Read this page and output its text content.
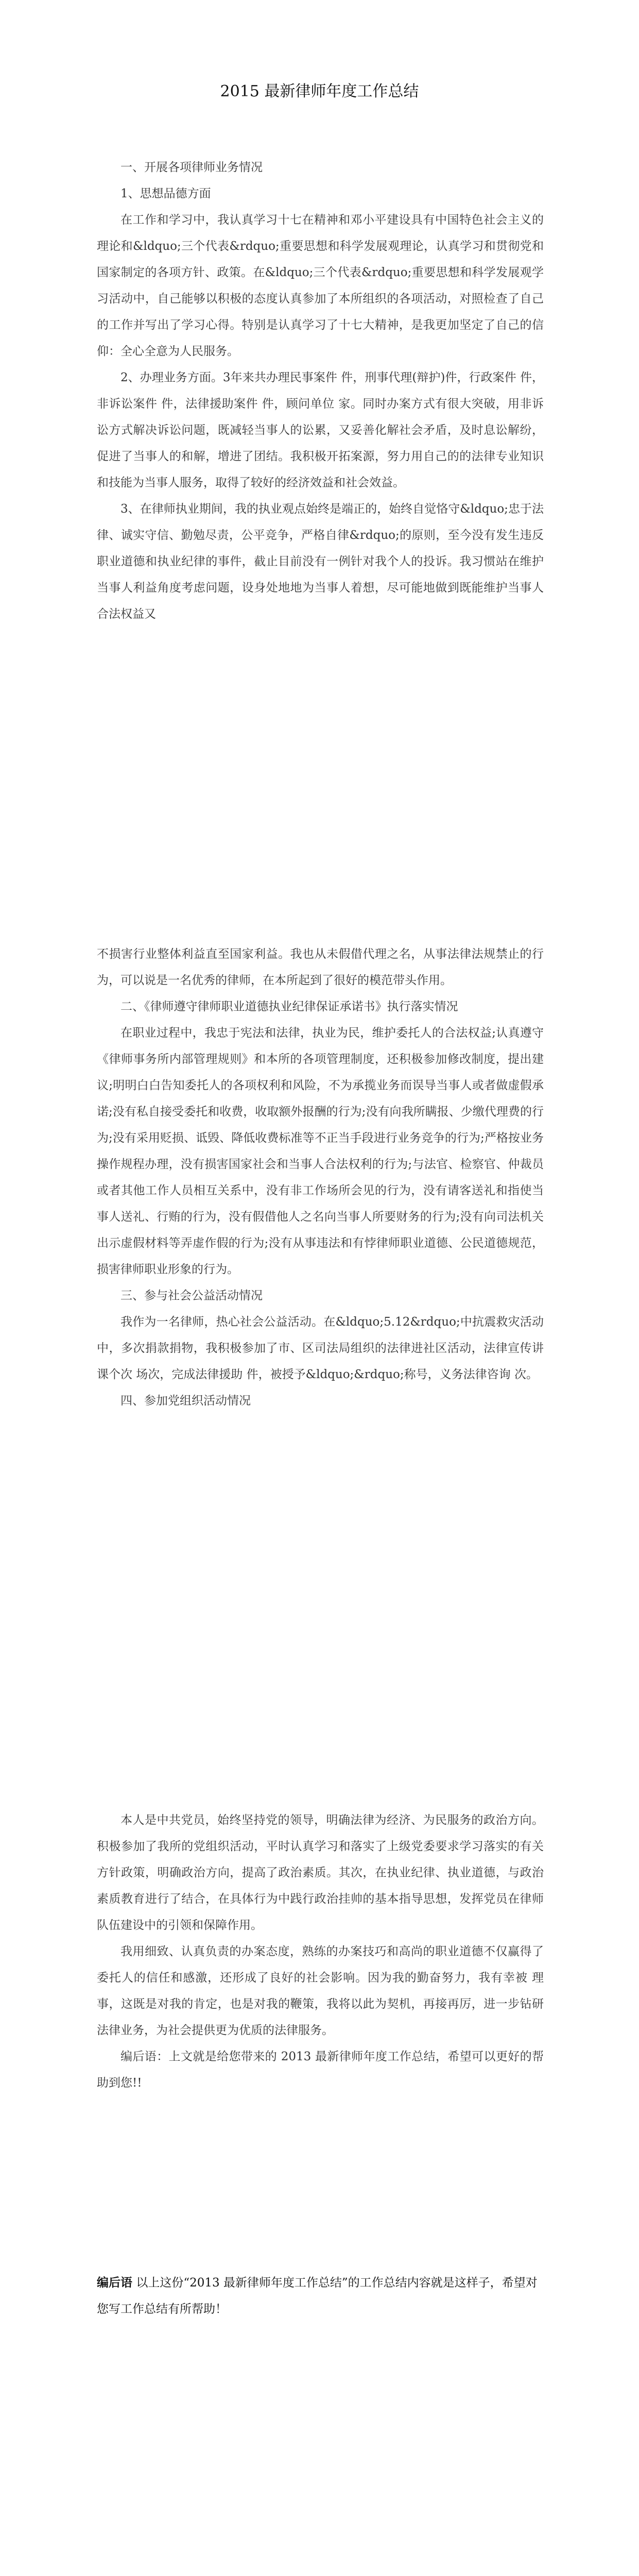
2015 最新律师年度工作总结

一、开展各项律师业务情况

1、思想品德方面

在工作和学习中，我认真学习十七在精神和邓小平建设具有中国特色社会主义的理论和&ldquo;三个代表&rdquo;重要思想和科学发展观理论，认真学习和贯彻党和国家制定的各项方针、政策。在&ldquo;三个代表&rdquo;重要思想和科学发展观学习活动中，自己能够以积极的态度认真参加了本所组织的各项活动，对照检查了自己的工作并写出了学习心得。特别是认真学习了十七大精神，是我更加坚定了自己的信仰：全心全意为人民服务。

2、办理业务方面。3年来共办理民事案件 件，刑事代理(辩护)件，行政案件 件，非诉讼案件 件，法律援助案件 件，顾问单位 家。同时办案方式有很大突破，用非诉讼方式解决诉讼问题，既减轻当事人的讼累，又妥善化解社会矛盾，及时息讼解纷，促进了当事人的和解，增进了团结。我积极开拓案源，努力用自己的的法律专业知识和技能为当事人服务，取得了较好的经济效益和社会效益。

3、在律师执业期间，我的执业观点始终是端正的，始终自觉恪守&ldquo;忠于法律、诚实守信、勤勉尽责，公平竞争，严格自律&rdquo;的原则，至今没有发生违反职业道德和执业纪律的事件，截止目前没有一例针对我个人的投诉。我习惯站在维护当事人利益角度考虑问题，设身处地地为当事人着想，尽可能地做到既能维护当事人合法权益又

不损害行业整体利益直至国家利益。我也从未假借代理之名，从事法律法规禁止的行为，可以说是一名优秀的律师，在本所起到了很好的模范带头作用。

二、《律师遵守律师职业道德执业纪律保证承诺书》执行落实情况

在职业过程中，我忠于宪法和法律，执业为民，维护委托人的合法权益;认真遵守《律师事务所内部管理规则》和本所的各项管理制度，还积极参加修改制度，提出建议;明明白白告知委托人的各项权利和风险，不为承揽业务而误导当事人或者做虚假承诺;没有私自接受委托和收费，收取额外报酬的行为;没有向我所瞒报、少缴代理费的行为;没有采用贬损、诋毁、降低收费标准等不正当手段进行业务竞争的行为;严格按业务操作规程办理，没有损害国家社会和当事人合法权利的行为;与法官、检察官、仲裁员或者其他工作人员相互关系中，没有非工作场所会见的行为，没有请客送礼和指使当事人送礼、行贿的行为，没有假借他人之名向当事人所要财务的行为;没有向司法机关出示虚假材料等弄虚作假的行为;没有从事违法和有悖律师职业道德、公民道德规范，损害律师职业形象的行为。

三、参与社会公益活动情况

我作为一名律师，热心社会公益活动。在&ldquo;5.12&rdquo;中抗震救灾活动中，多次捐款捐物，我积极参加了市、区司法局组织的法律进社区活动，法律宣传讲课个次 场次，完成法律援助 件，被授予&ldquo;&rdquo;称号，义务法律咨询 次。

四、参加党组织活动情况

本人是中共党员，始终坚持党的领导，明确法律为经济、为民服务的政治方向。积极参加了我所的党组织活动，平时认真学习和落实了上级党委要求学习落实的有关方针政策，明确政治方向，提高了政治素质。其次，在执业纪律、执业道德，与政治素质教育进行了结合，在具体行为中践行政治挂帅的基本指导思想，发挥党员在律师队伍建设中的引领和保障作用。

我用细致、认真负责的办案态度，熟练的办案技巧和高尚的职业道德不仅赢得了委托人的信任和感激，还形成了良好的社会影响。因为我的勤奋努力，我有幸被 理事，这既是对我的肯定，也是对我的鞭策，我将以此为契机，再接再厉，进一步钻研法律业务，为社会提供更为优质的法律服务。

编后语：上文就是给您带来的 2013 最新律师年度工作总结，希望可以更好的帮助到您!!

编后语 以上这份“2013 最新律师年度工作总结”的工作总结内容就是这样子，希望对您写工作总结有所帮助！
